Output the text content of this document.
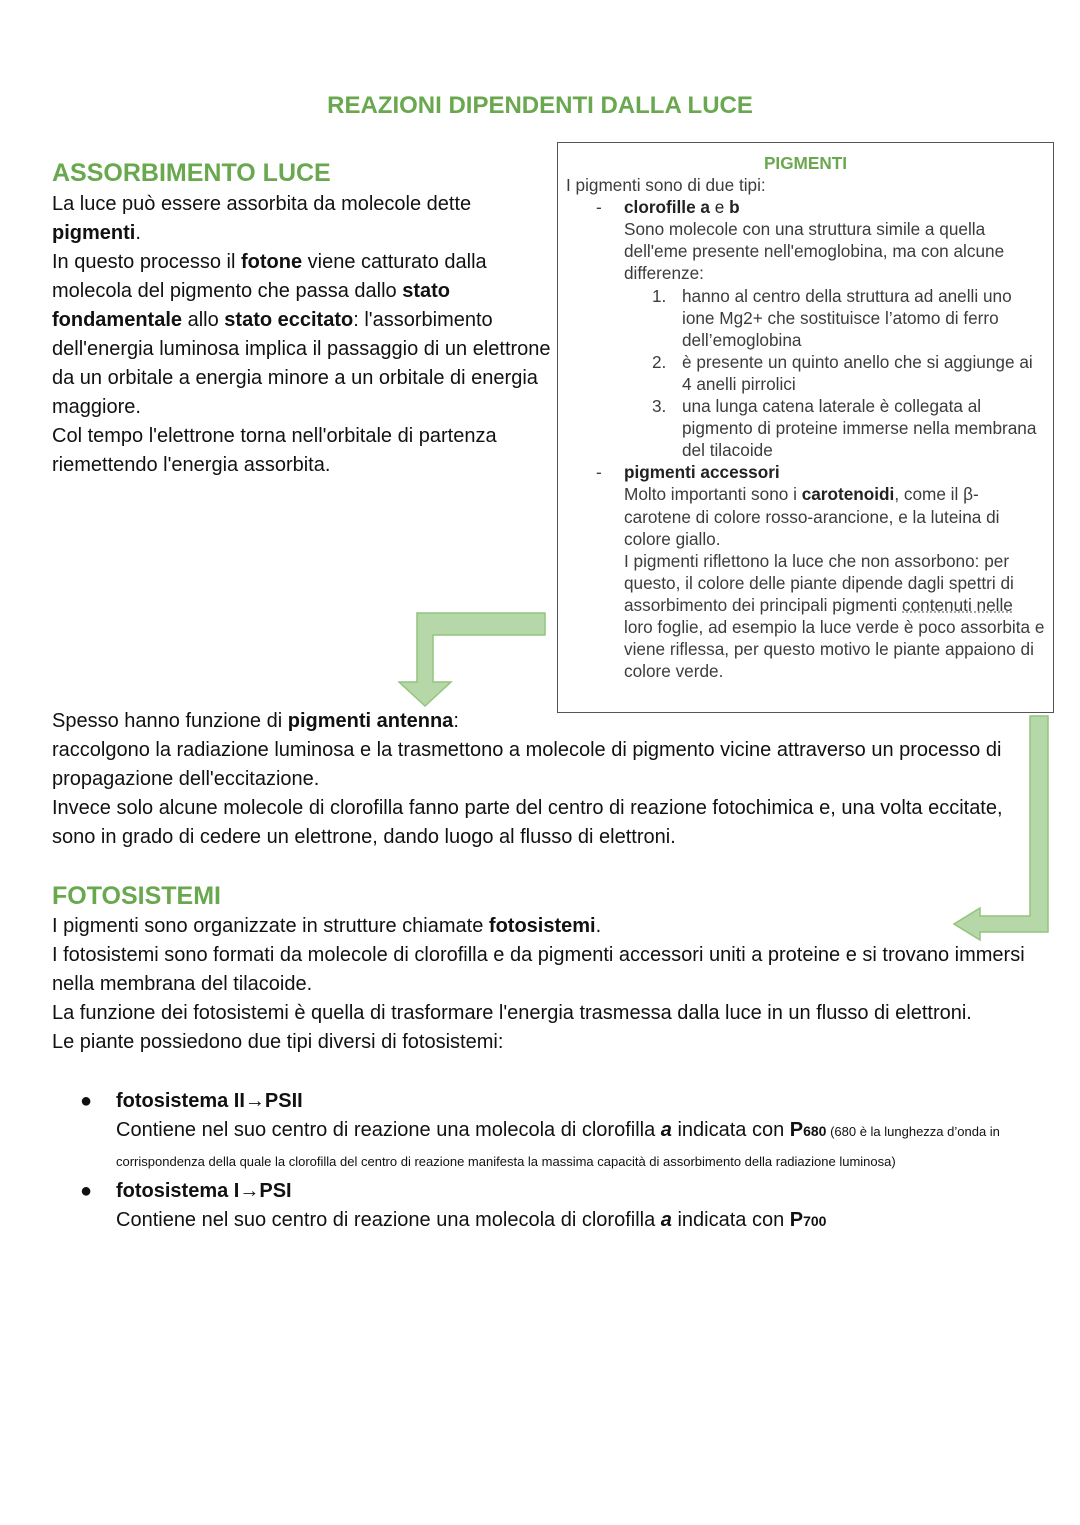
REAZIONI DIPENDENTI DALLA LUCE
ASSORBIMENTO LUCE

La luce può essere assorbita da molecole dette pigmenti.

In questo processo il fotone viene catturato dalla molecola del pigmento che passa dallo stato fondamentale allo stato eccitato: l'assorbimento dell'energia luminosa implica il passaggio di un elettrone da un orbitale a energia minore a un orbitale di energia maggiore.

Col tempo l'elettrone torna nell'orbitale di partenza riemettendo l'energia assorbita.

PIGMENTI
I pigmenti sono di due tipi:
- clorofille a e b
Sono molecole con una struttura simile a quella dell'eme presente nell'emoglobina, ma con alcune differenze:
1. hanno al centro della struttura ad anelli uno ione Mg2+ che sostituisce l’atomo di ferro dell’emoglobina
2. è presente un quinto anello che si aggiunge ai 4 anelli pirrolici
3. una lunga catena laterale è collegata al pigmento di proteine immerse nella membrana del tilacoide
- pigmenti accessori
Molto importanti sono i carotenoidi, come il β-carotene di colore rosso-arancione, e la luteina di colore giallo.
I pigmenti riflettono la luce che non assorbono: per questo, il colore delle piante dipende dagli spettri di assorbimento dei principali pigmenti contenuti nelle loro foglie, ad esempio la luce verde è poco assorbita e viene riflessa, per questo motivo le piante appaiono di colore verde.

Spesso hanno funzione di pigmenti antenna:

raccolgono la radiazione luminosa e la trasmettono a molecole di pigmento vicine attraverso un processo di propagazione dell'eccitazione.

Invece solo alcune molecole di clorofilla fanno parte del centro di reazione fotochimica e, una volta eccitate, sono in grado di cedere un elettrone, dando luogo al flusso di elettroni.

FOTOSISTEMI

I pigmenti sono organizzate in strutture chiamate fotosistemi.

I fotosistemi sono formati da molecole di clorofilla e da pigmenti accessori uniti a proteine e si trovano immersi nella membrana del tilacoide.

La funzione dei fotosistemi è quella di trasformare l'energia trasmessa dalla luce in un flusso di elettroni.

Le piante possiedono due tipi diversi di fotosistemi:

● fotosistema II→PSII
Contiene nel suo centro di reazione una molecola di clorofilla a indicata con P680 (680 è la lunghezza d’onda in corrispondenza della quale la clorofilla del centro di reazione manifesta la massima capacità di assorbimento della radiazione luminosa)
● fotosistema I→PSI
Contiene nel suo centro di reazione una molecola di clorofilla a indicata con P700
